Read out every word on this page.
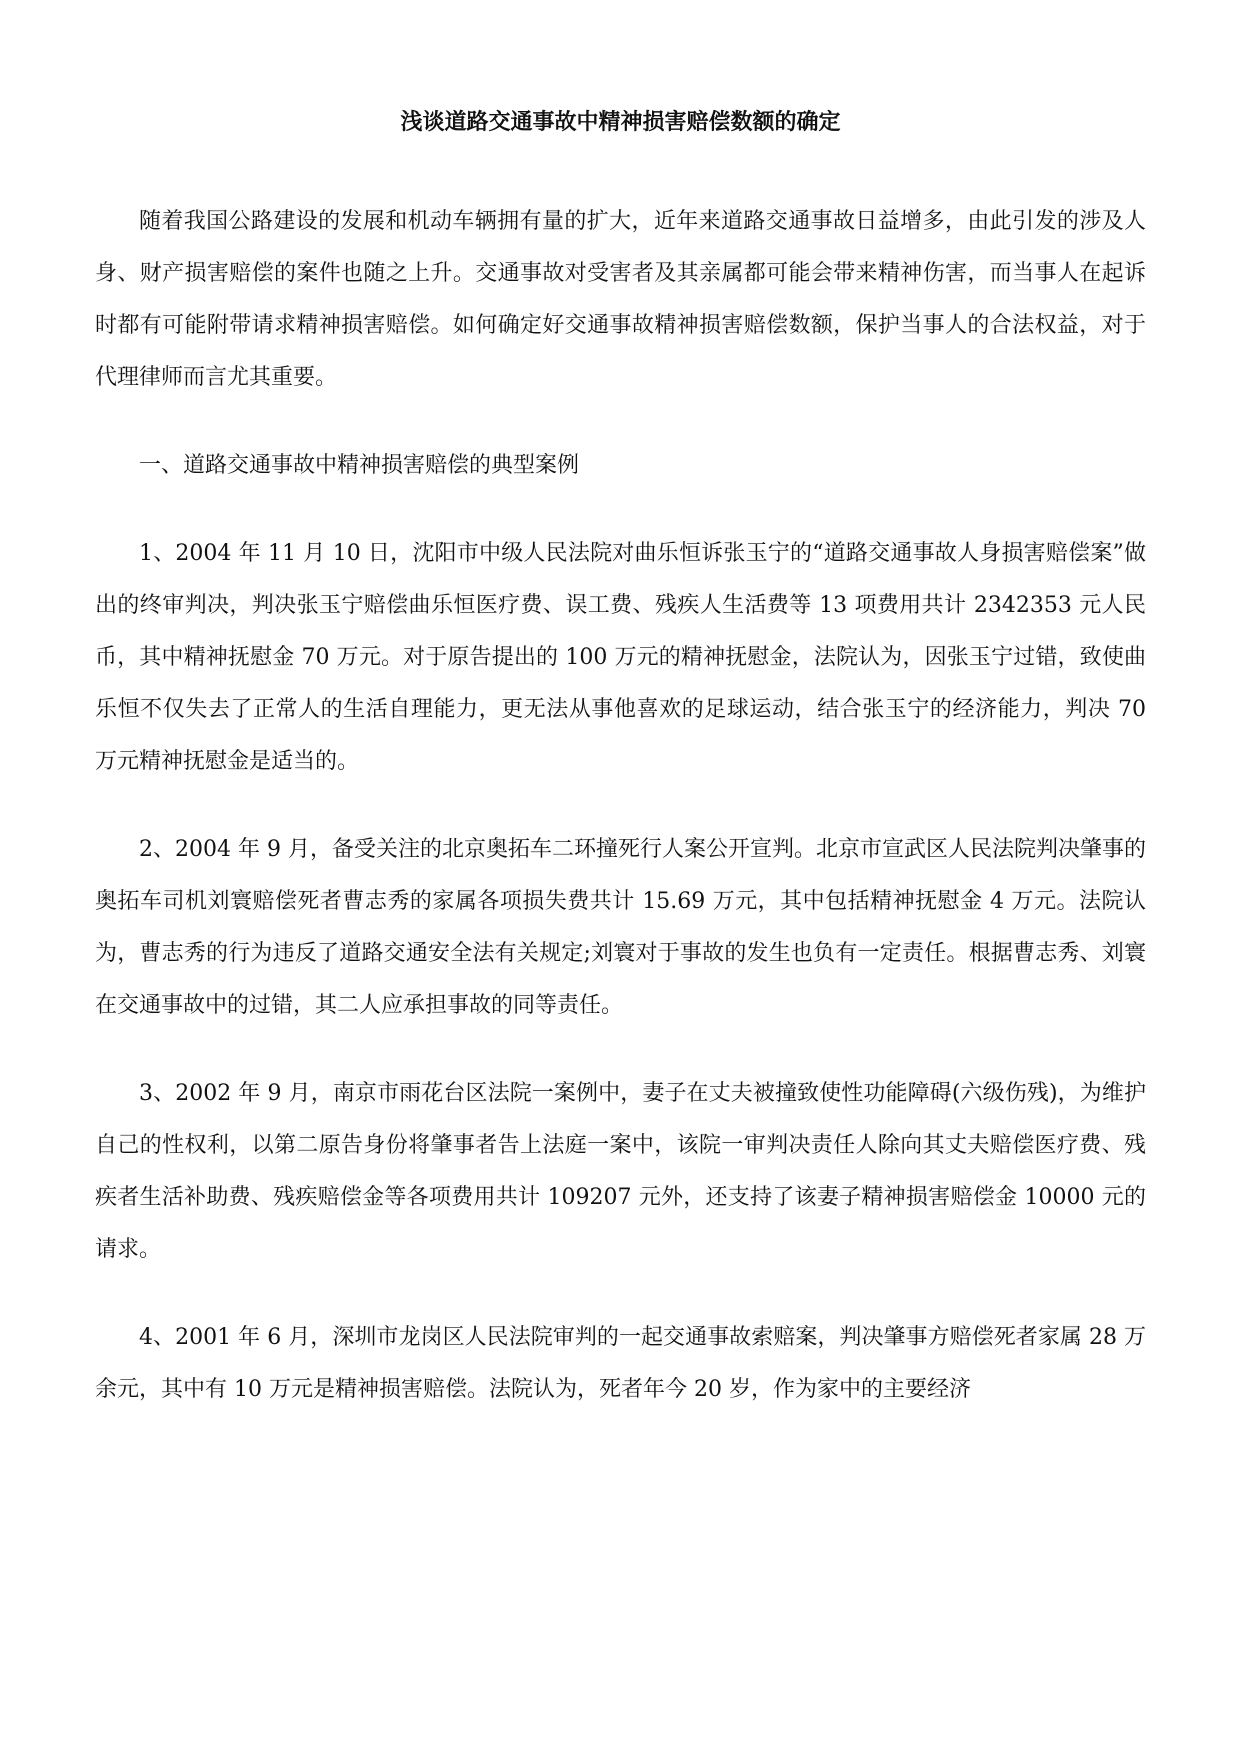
浅谈道路交通事故中精神损害赔偿数额的确定

随着我国公路建设的发展和机动车辆拥有量的扩大，近年来道路交通事故日益增多，由此引发的涉及人身、财产损害赔偿的案件也随之上升。交通事故对受害者及其亲属都可能会带来精神伤害，而当事人在起诉时都有可能附带请求精神损害赔偿。如何确定好交通事故精神损害赔偿数额，保护当事人的合法权益，对于代理律师而言尤其重要。

一、道路交通事故中精神损害赔偿的典型案例

1、2004 年 11 月 10 日，沈阳市中级人民法院对曲乐恒诉张玉宁的“道路交通事故人身损害赔偿案”做出的终审判决，判决张玉宁赔偿曲乐恒医疗费、误工费、残疾人生活费等 13 项费用共计 2342353 元人民币，其中精神抚慰金 70 万元。对于原告提出的 100 万元的精神抚慰金，法院认为，因张玉宁过错，致使曲乐恒不仅失去了正常人的生活自理能力，更无法从事他喜欢的足球运动，结合张玉宁的经济能力，判决 70 万元精神抚慰金是适当的。

2、2004 年 9 月，备受关注的北京奥拓车二环撞死行人案公开宣判。北京市宣武区人民法院判决肇事的奥拓车司机刘寰赔偿死者曹志秀的家属各项损失费共计 15.69 万元，其中包括精神抚慰金 4 万元。法院认为，曹志秀的行为违反了道路交通安全法有关规定;刘寰对于事故的发生也负有一定责任。根据曹志秀、刘寰在交通事故中的过错，其二人应承担事故的同等责任。

3、2002 年 9 月，南京市雨花台区法院一案例中，妻子在丈夫被撞致使性功能障碍(六级伤残)，为维护自己的性权利，以第二原告身份将肇事者告上法庭一案中，该院一审判决责任人除向其丈夫赔偿医疗费、残疾者生活补助费、残疾赔偿金等各项费用共计 109207 元外，还支持了该妻子精神损害赔偿金 10000 元的请求。

4、2001 年 6 月，深圳市龙岗区人民法院审判的一起交通事故索赔案，判决肇事方赔偿死者家属 28 万余元，其中有 10 万元是精神损害赔偿。法院认为，死者年今 20 岁，作为家中的主要经济
